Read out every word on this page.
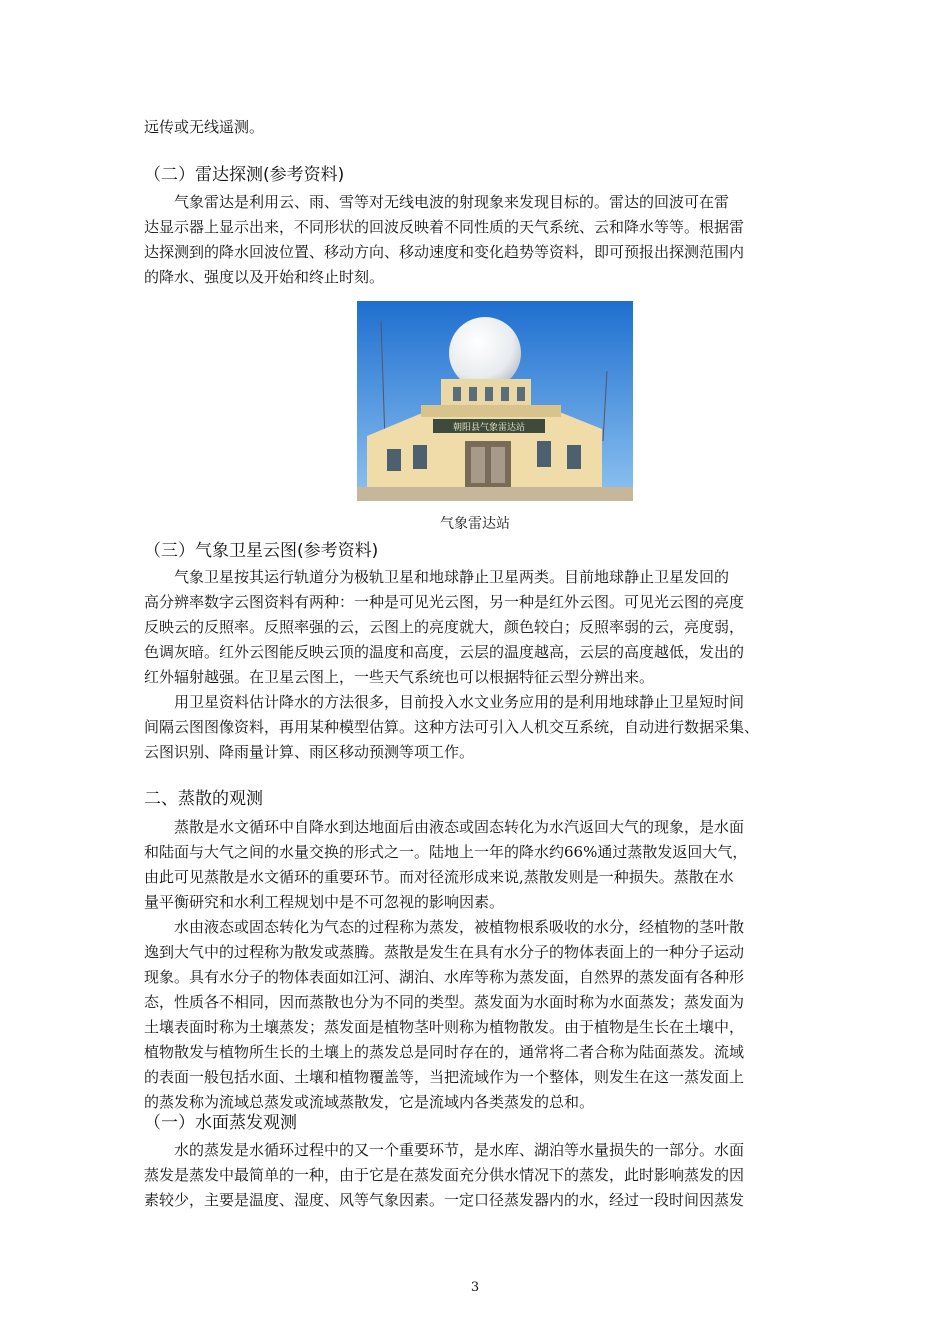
远传或无线遥测。
（二）雷达探测(参考资料)
　　气象雷达是利用云、雨、雪等对无线电波的射现象来发现目标的。雷达的回波可在雷
达显示器上显示出来，不同形状的回波反映着不同性质的天气系统、云和降水等等。根据雷
达探测到的降水回波位置、移动方向、移动速度和变化趋势等资料，即可预报出探测范围内
的降水、强度以及开始和终止时刻。
朝阳县气象雷达站
气象雷达站
（三）气象卫星云图(参考资料)
　　气象卫星按其运行轨道分为极轨卫星和地球静止卫星两类。目前地球静止卫星发回的
高分辨率数字云图资料有两种：一种是可见光云图，另一种是红外云图。可见光云图的亮度
反映云的反照率。反照率强的云，云图上的亮度就大，颜色较白；反照率弱的云，亮度弱，
色调灰暗。红外云图能反映云顶的温度和高度，云层的温度越高，云层的高度越低，发出的
红外辐射越强。在卫星云图上，一些天气系统也可以根据特征云型分辨出来。
　　用卫星资料估计降水的方法很多，目前投入水文业务应用的是利用地球静止卫星短时间
间隔云图图像资料，再用某种模型估算。这种方法可引入人机交互系统，自动进行数据采集、
云图识别、降雨量计算、雨区移动预测等项工作。
二、蒸散的观测
　　蒸散是水文循环中自降水到达地面后由液态或固态转化为水汽返回大气的现象，是水面
和陆面与大气之间的水量交换的形式之一。陆地上一年的降水约66%通过蒸散发返回大气，
由此可见蒸散是水文循环的重要环节。而对径流形成来说,蒸散发则是一种损失。蒸散在水
量平衡研究和水利工程规划中是不可忽视的影响因素。
　　水由液态或固态转化为气态的过程称为蒸发，被植物根系吸收的水分，经植物的茎叶散
逸到大气中的过程称为散发或蒸腾。蒸散是发生在具有水分子的物体表面上的一种分子运动
现象。具有水分子的物体表面如江河、湖泊、水库等称为蒸发面，自然界的蒸发面有各种形
态，性质各不相同，因而蒸散也分为不同的类型。蒸发面为水面时称为水面蒸发；蒸发面为
土壤表面时称为土壤蒸发；蒸发面是植物茎叶则称为植物散发。由于植物是生长在土壤中，
植物散发与植物所生长的土壤上的蒸发总是同时存在的，通常将二者合称为陆面蒸发。流域
的表面一般包括水面、土壤和植物覆盖等，当把流域作为一个整体，则发生在这一蒸发面上
的蒸发称为流域总蒸发或流域蒸散发，它是流域内各类蒸发的总和。
（一）水面蒸发观测
　　水的蒸发是水循环过程中的又一个重要环节，是水库、湖泊等水量损失的一部分。水面
蒸发是蒸发中最简单的一种，由于它是在蒸发面充分供水情况下的蒸发，此时影响蒸发的因
素较少，主要是温度、湿度、风等气象因素。一定口径蒸发器内的水，经过一段时间因蒸发
3
